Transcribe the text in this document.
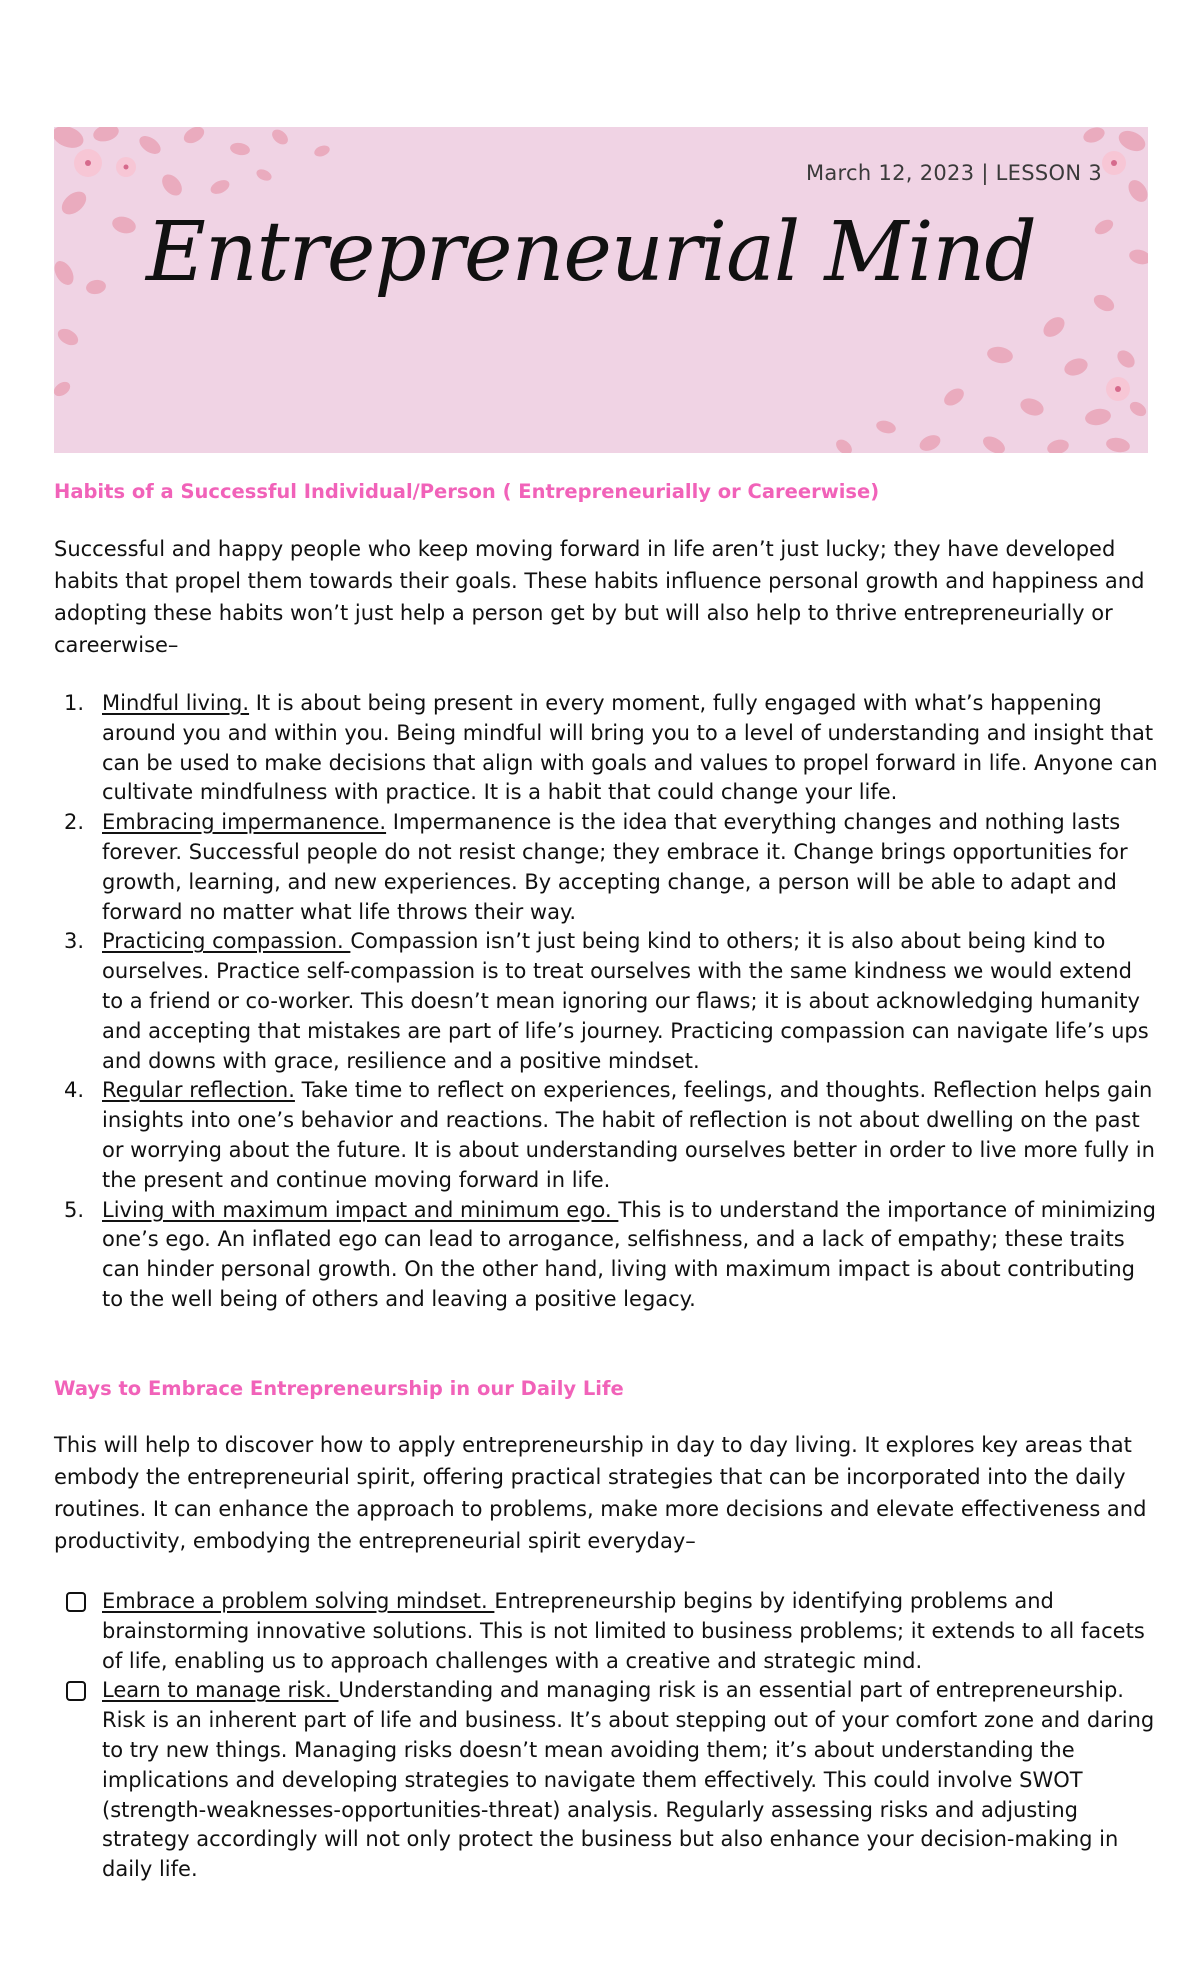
March 12, 2023 | LESSON 3
Entrepreneurial Mind
Habits of a Successful Individual/Person ( Entrepreneurially or Careerwise)
Successful and happy people who keep moving forward in life aren’t just lucky; they have developed habits that propel them towards their goals. These habits influence personal growth and happiness and adopting these habits won’t just help a person get by but will also help to thrive entrepreneurially or careerwise–
1. Mindful living. It is about being present in every moment, fully engaged with what’s happening around you and within you. Being mindful will bring you to a level of understanding and insight that can be used to make decisions that align with goals and values to propel forward in life. Anyone can cultivate mindfulness with practice. It is a habit that could change your life.
2. Embracing impermanence. Impermanence is the idea that everything changes and nothing lasts forever. Successful people do not resist change; they embrace it. Change brings opportunities for growth, learning, and new experiences. By accepting change, a person will be able to adapt and forward no matter what life throws their way.
3. Practicing compassion. Compassion isn’t just being kind to others; it is also about being kind to ourselves. Practice self-compassion is to treat ourselves with the same kindness we would extend to a friend or co-worker. This doesn’t mean ignoring our flaws; it is about acknowledging humanity and accepting that mistakes are part of life’s journey. Practicing compassion can navigate life’s ups and downs with grace, resilience and a positive mindset.
4. Regular reflection. Take time to reflect on experiences, feelings, and thoughts. Reflection helps gain insights into one’s behavior and reactions. The habit of reflection is not about dwelling on the past or worrying about the future. It is about understanding ourselves better in order to live more fully in the present and continue moving forward in life.
5. Living with maximum impact and minimum ego. This is to understand the importance of minimizing one’s ego. An inflated ego can lead to arrogance, selfishness, and a lack of empathy; these traits can hinder personal growth. On the other hand, living with maximum impact is about contributing to the well being of others and leaving a positive legacy.
Ways to Embrace Entrepreneurship in our Daily Life
This will help to discover how to apply entrepreneurship in day to day living. It explores key areas that embody the entrepreneurial spirit, offering practical strategies that can be incorporated into the daily routines. It can enhance the approach to problems, make more decisions and elevate effectiveness and productivity, embodying the entrepreneurial spirit everyday–
Embrace a problem solving mindset. Entrepreneurship begins by identifying problems and brainstorming innovative solutions. This is not limited to business problems; it extends to all facets of life, enabling us to approach challenges with a creative and strategic mind.
Learn to manage risk. Understanding and managing risk is an essential part of entrepreneurship. Risk is an inherent part of life and business. It’s about stepping out of your comfort zone and daring to try new things. Managing risks doesn’t mean avoiding them; it’s about understanding the implications and developing strategies to navigate them effectively. This could involve SWOT (strength-weaknesses-opportunities-threat) analysis. Regularly assessing risks and adjusting strategy accordingly will not only protect the business but also enhance your decision-making in daily life.
